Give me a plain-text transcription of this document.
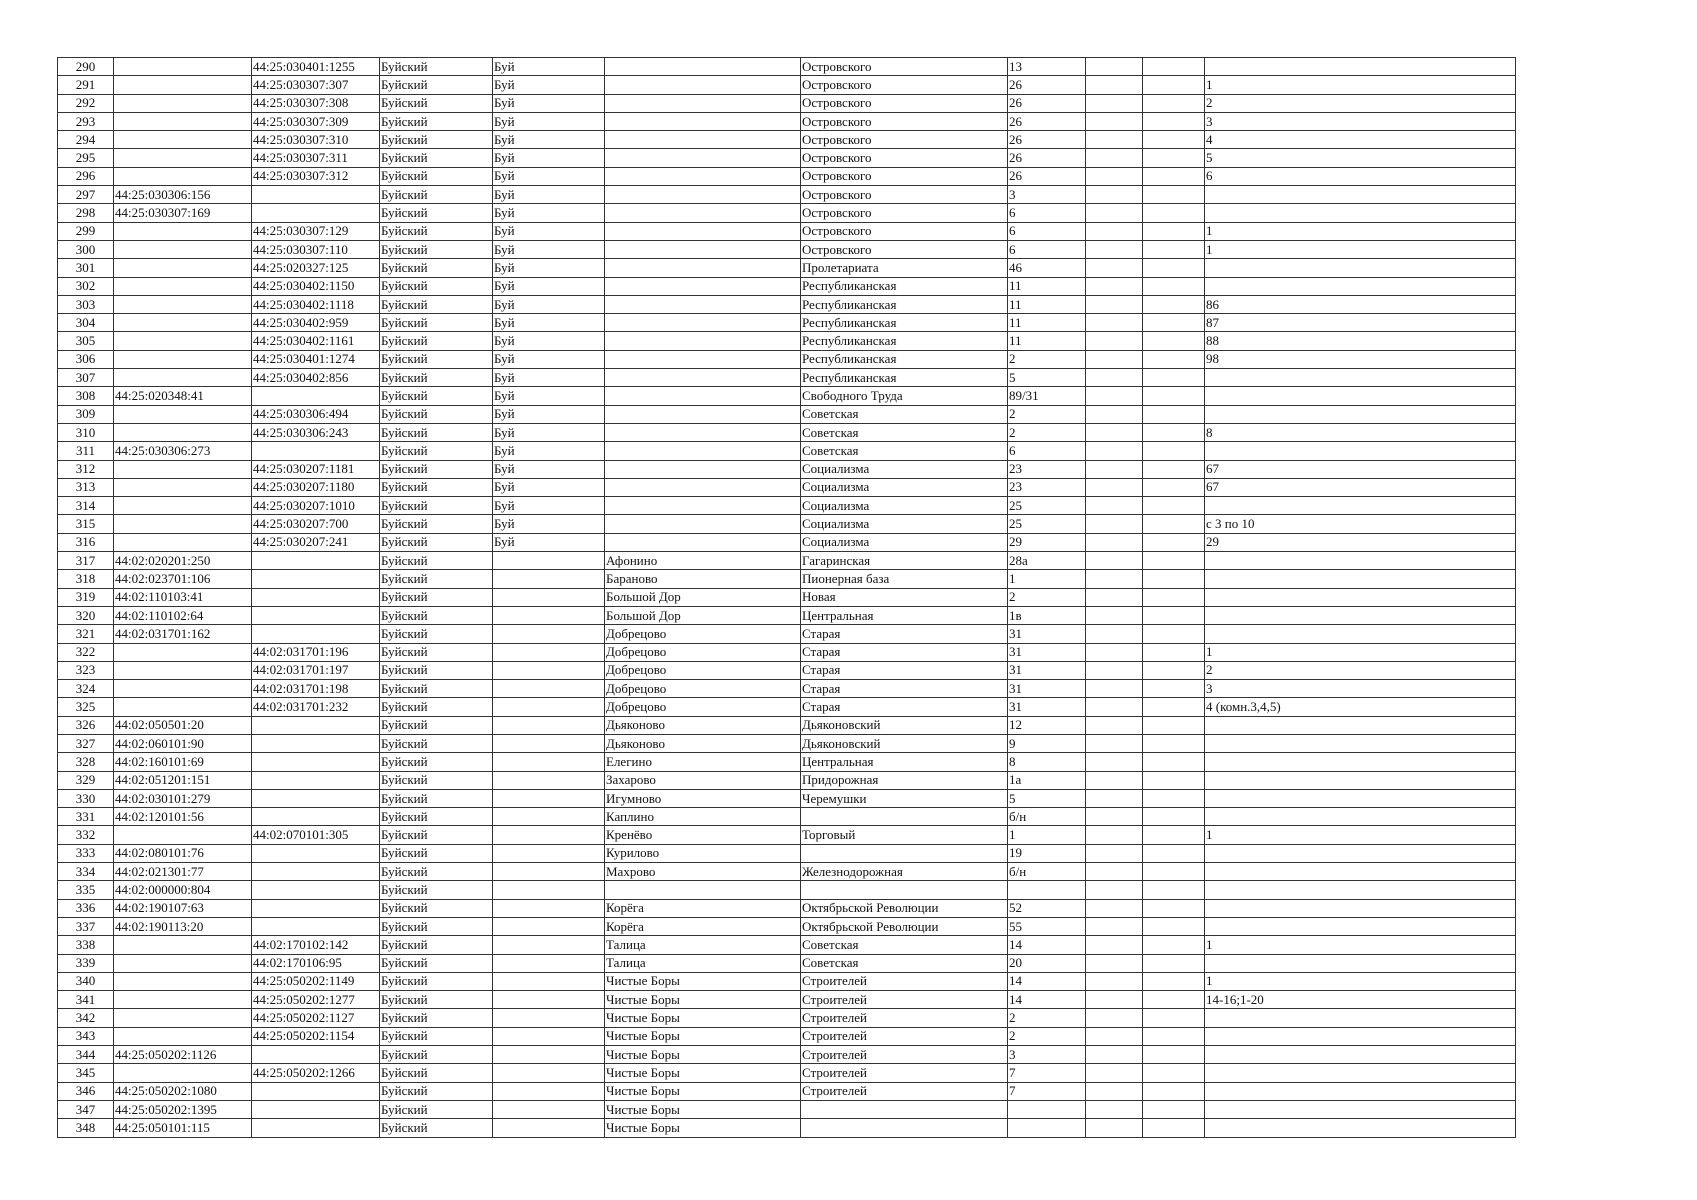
290		44:25:030401:1255	Буйский	Буй		Островского	13			
291		44:25:030307:307	Буйский	Буй		Островского	26			1
292		44:25:030307:308	Буйский	Буй		Островского	26			2
293		44:25:030307:309	Буйский	Буй		Островского	26			3
294		44:25:030307:310	Буйский	Буй		Островского	26			4
295		44:25:030307:311	Буйский	Буй		Островского	26			5
296		44:25:030307:312	Буйский	Буй		Островского	26			6
297	44:25:030306:156		Буйский	Буй		Островского	3			
298	44:25:030307:169		Буйский	Буй		Островского	6			
299		44:25:030307:129	Буйский	Буй		Островского	6			1
300		44:25:030307:110	Буйский	Буй		Островского	6			1
301		44:25:020327:125	Буйский	Буй		Пролетариата	46			
302		44:25:030402:1150	Буйский	Буй		Республиканская	11			
303		44:25:030402:1118	Буйский	Буй		Республиканская	11			86
304		44:25:030402:959	Буйский	Буй		Республиканская	11			87
305		44:25:030402:1161	Буйский	Буй		Республиканская	11			88
306		44:25:030401:1274	Буйский	Буй		Республиканская	2			98
307		44:25:030402:856	Буйский	Буй		Республиканская	5			
308	44:25:020348:41		Буйский	Буй		Свободного Труда	89/31			
309		44:25:030306:494	Буйский	Буй		Советская	2			
310		44:25:030306:243	Буйский	Буй		Советская	2			8
311	44:25:030306:273		Буйский	Буй		Советская	6			
312		44:25:030207:1181	Буйский	Буй		Социализма	23			67
313		44:25:030207:1180	Буйский	Буй		Социализма	23			67
314		44:25:030207:1010	Буйский	Буй		Социализма	25			
315		44:25:030207:700	Буйский	Буй		Социализма	25			с 3 по 10
316		44:25:030207:241	Буйский	Буй		Социализма	29			29
317	44:02:020201:250		Буйский		Афонино	Гагаринская	28а			
318	44:02:023701:106		Буйский		Бараново	Пионерная база	1			
319	44:02:110103:41		Буйский		Большой Дор	Новая	2			
320	44:02:110102:64		Буйский		Большой Дор	Центральная	1в			
321	44:02:031701:162		Буйский		Добрецово	Старая	31			
322		44:02:031701:196	Буйский		Добрецово	Старая	31			1
323		44:02:031701:197	Буйский		Добрецово	Старая	31			2
324		44:02:031701:198	Буйский		Добрецово	Старая	31			3
325		44:02:031701:232	Буйский		Добрецово	Старая	31			4 (комн.3,4,5)
326	44:02:050501:20		Буйский		Дьяконово	Дьяконовский	12			
327	44:02:060101:90		Буйский		Дьяконово	Дьяконовский	9			
328	44:02:160101:69		Буйский		Елегино	Центральная	8			
329	44:02:051201:151		Буйский		Захарово	Придорожная	1а			
330	44:02:030101:279		Буйский		Игумново	Черемушки	5			
331	44:02:120101:56		Буйский		Каплино		б/н			
332		44:02:070101:305	Буйский		Кренёво	Торговый	1			1
333	44:02:080101:76		Буйский		Курилово		19			
334	44:02:021301:77		Буйский		Махрово	Железнодорожная	б/н			
335	44:02:000000:804		Буйский							
336	44:02:190107:63		Буйский		Корёга	Октябрьской Революции	52			
337	44:02:190113:20		Буйский		Корёга	Октябрьской Революции	55			
338		44:02:170102:142	Буйский		Талица	Советская	14			1
339		44:02:170106:95	Буйский		Талица	Советская	20			
340		44:25:050202:1149	Буйский		Чистые Боры	Строителей	14			1
341		44:25:050202:1277	Буйский		Чистые Боры	Строителей	14			14-16;1-20
342		44:25:050202:1127	Буйский		Чистые Боры	Строителей	2			
343		44:25:050202:1154	Буйский		Чистые Боры	Строителей	2			
344	44:25:050202:1126		Буйский		Чистые Боры	Строителей	3			
345		44:25:050202:1266	Буйский		Чистые Боры	Строителей	7			
346	44:25:050202:1080		Буйский		Чистые Боры	Строителей	7			
347	44:25:050202:1395		Буйский		Чистые Боры					
348	44:25:050101:115		Буйский		Чистые Боры					
